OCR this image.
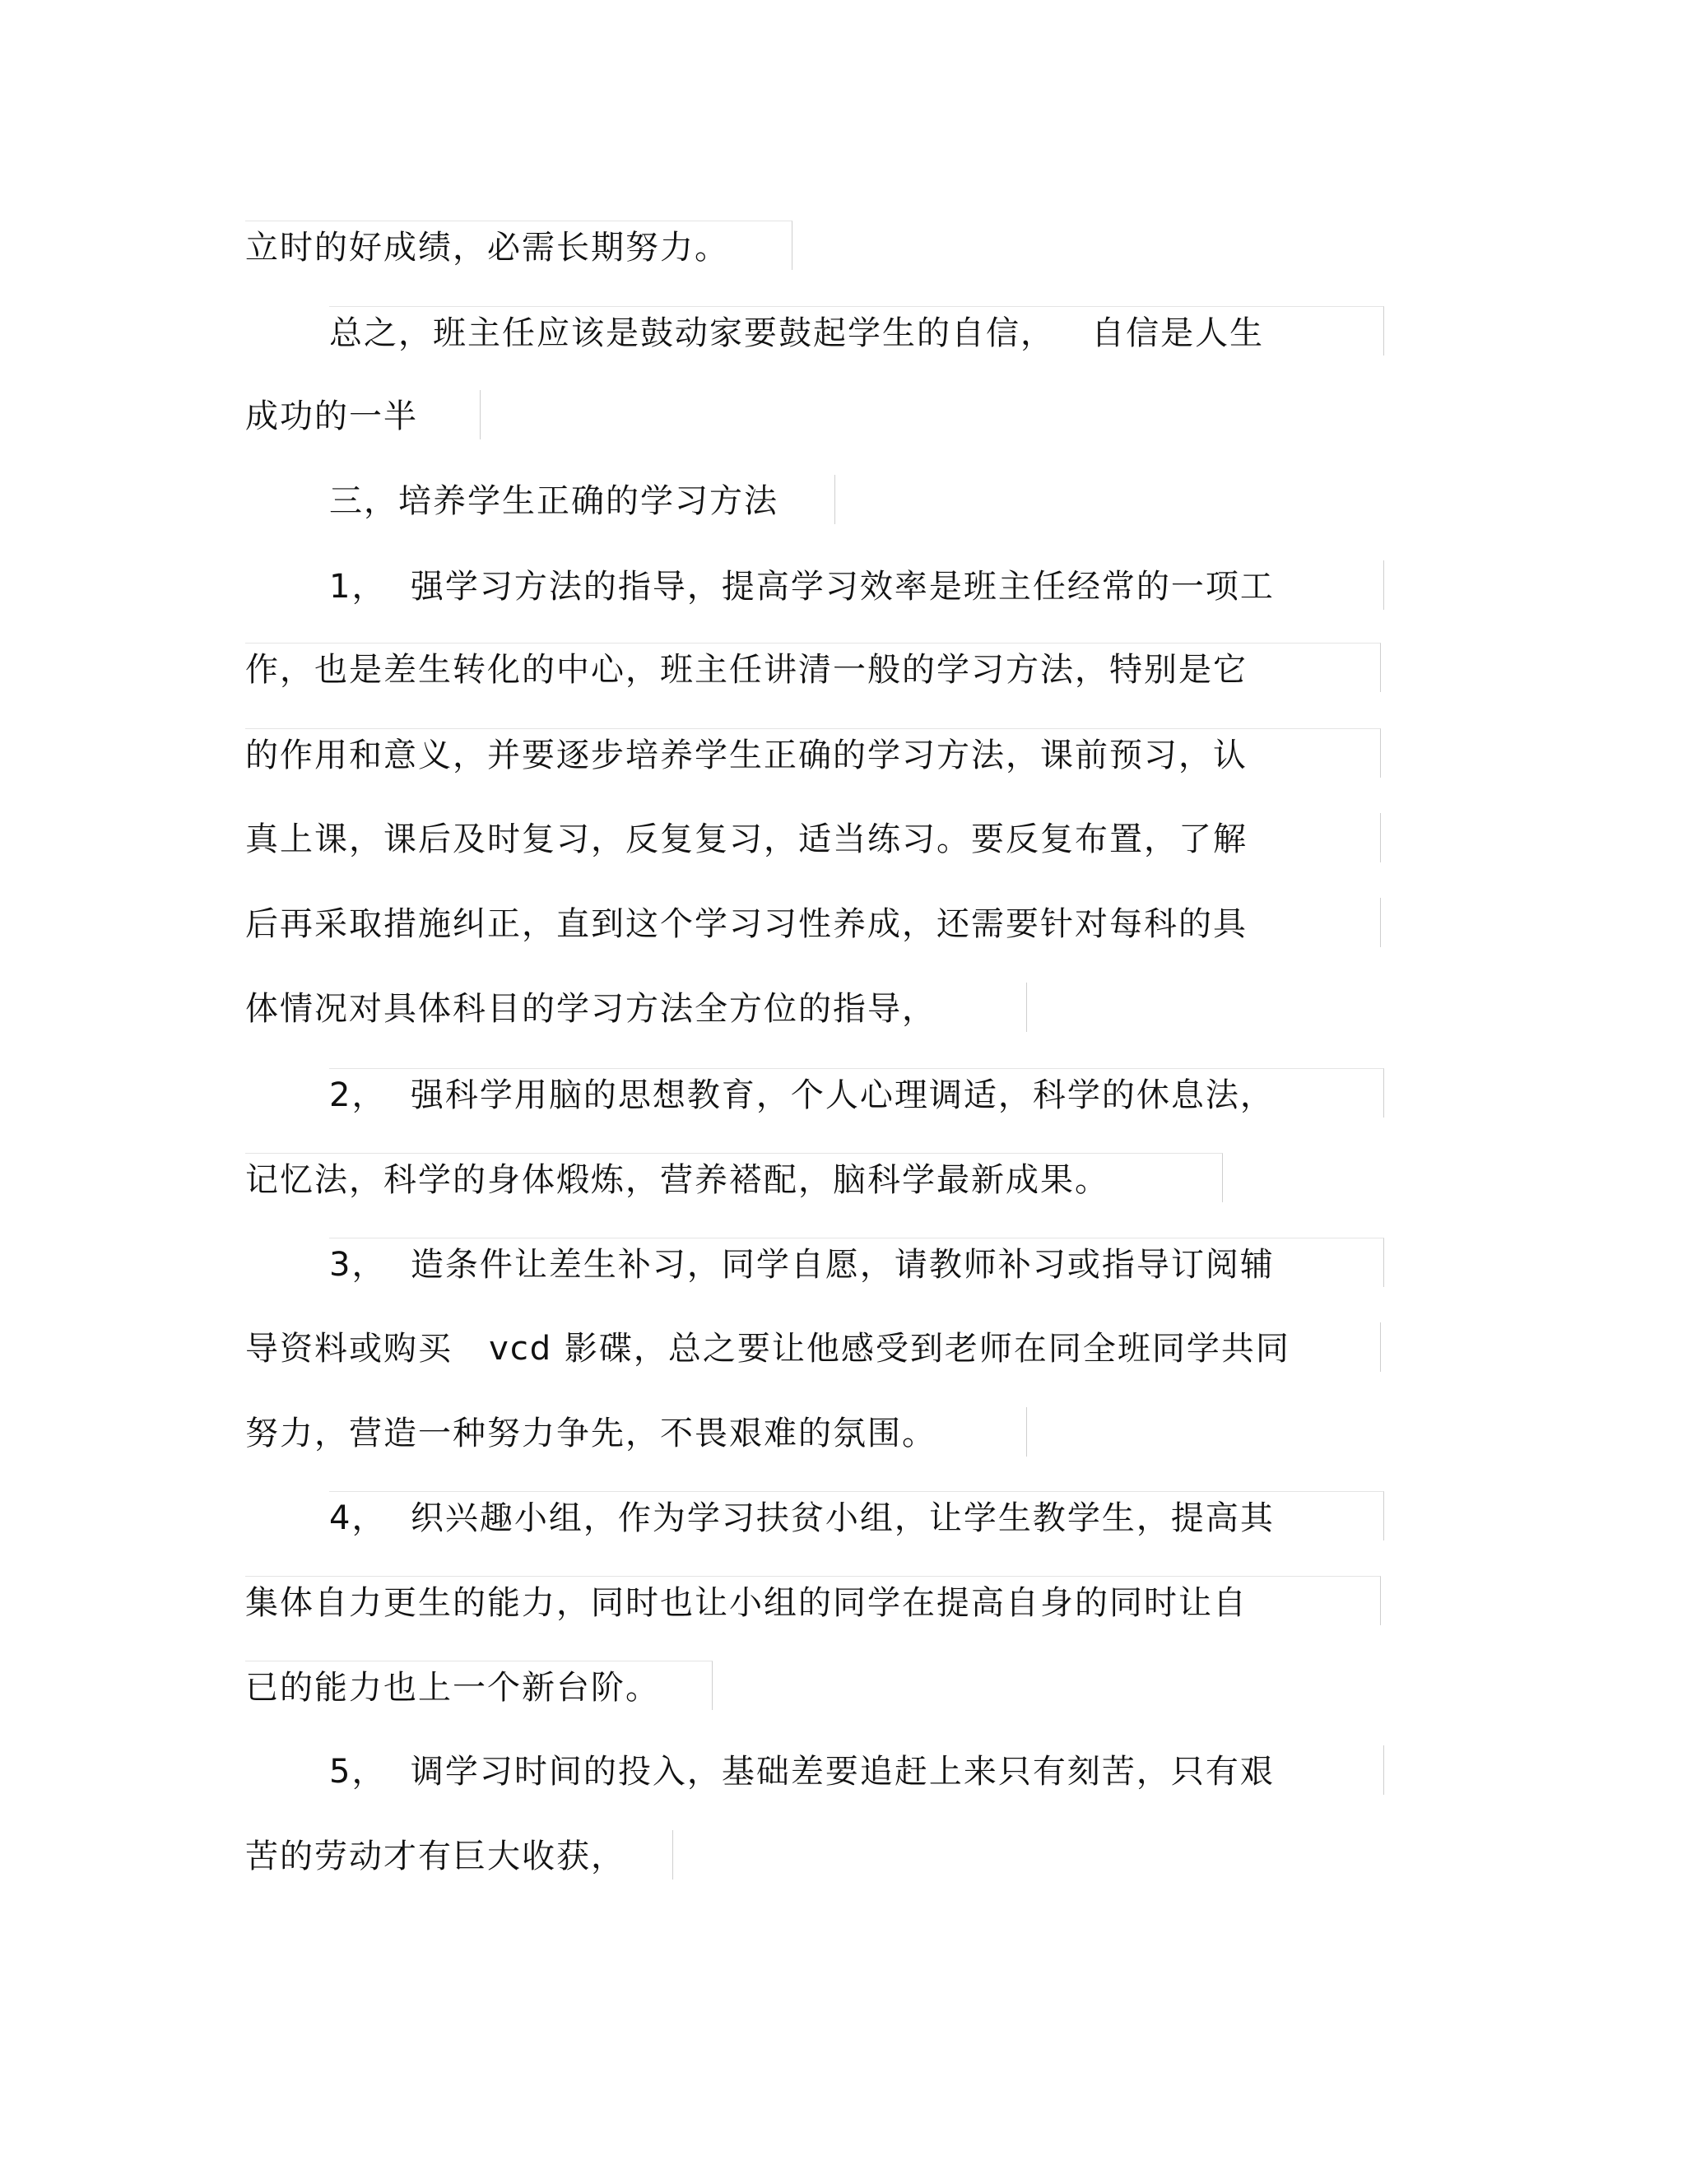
立时的好成绩，必需长期努力。
总之，班主任应该是鼓动家要鼓起学生的自信，   自信是人生
成功的一半
三，培养学生正确的学习方法
1，  强学习方法的指导，提高学习效率是班主任经常的一项工
作，也是差生转化的中心，班主任讲清一般的学习方法，特别是它
的作用和意义，并要逐步培养学生正确的学习方法，课前预习，认
真上课，课后及时复习，反复复习，适当练习。要反复布置，了解
后再采取措施纠正，直到这个学习习性养成，还需要针对每科的具
体情况对具体科目的学习方法全方位的指导，
2，  强科学用脑的思想教育，个人心理调适，科学的休息法，
记忆法，科学的身体煅炼，营养褡配，脑科学最新成果。
3，  造条件让差生补习，同学自愿，请教师补习或指导订阅辅
导资料或购买   vcd 影碟，总之要让他感受到老师在同全班同学共同
努力，营造一种努力争先，不畏艰难的氛围。
4，  织兴趣小组，作为学习扶贫小组，让学生教学生，提高其
集体自力更生的能力，同时也让小组的同学在提高自身的同时让自
已的能力也上一个新台阶。
5，  调学习时间的投入，基础差要追赶上来只有刻苦，只有艰
苦的劳动才有巨大收获，
